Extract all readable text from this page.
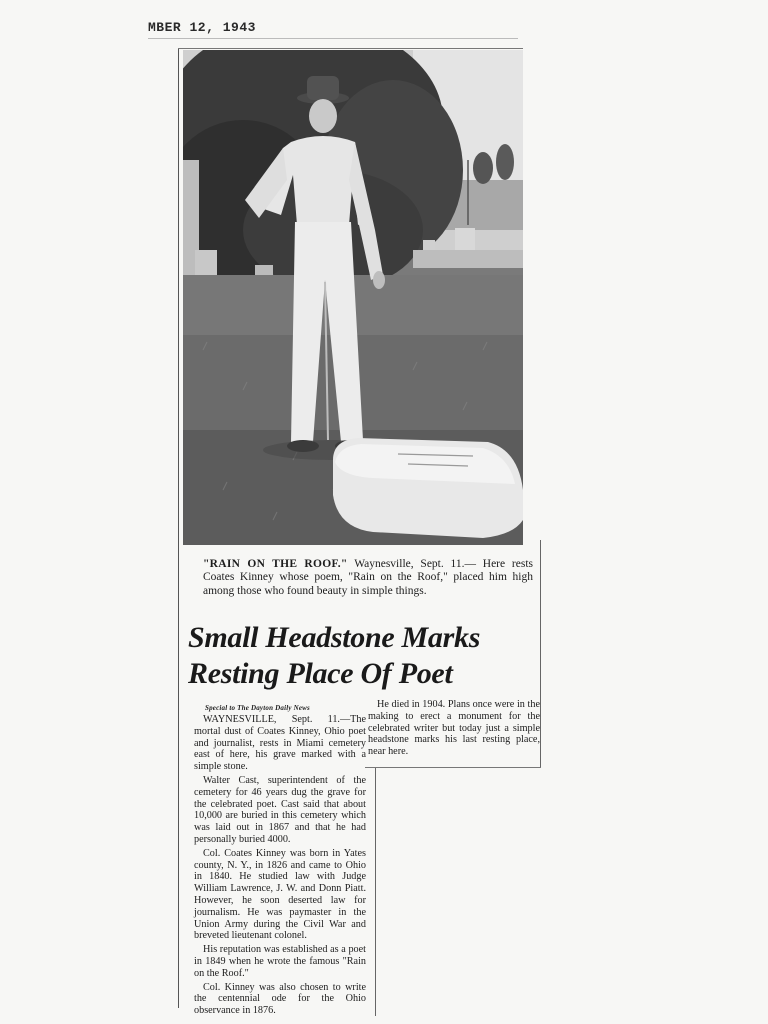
MBER 12, 1943
"RAIN ON THE ROOF." Waynesville, Sept. 11.— Here rests Coates Kinney whose poem, "Rain on the Roof," placed him high among those who found beauty in simple things.
Small Headstone Marks
Resting Place Of Poet
Special to The Dayton Daily News

WAYNESVILLE, Sept. 11.—The mortal dust of Coates Kinney, Ohio poet and journalist, rests in Miami cemetery east of here, his grave marked with a simple stone.

Walter Cast, superintendent of the cemetery for 46 years dug the grave for the celebrated poet. Cast said that about 10,000 are buried in this cemetery which was laid out in 1867 and that he had personally buried 4000.

Col. Coates Kinney was born in Yates county, N. Y., in 1826 and came to Ohio in 1840. He studied law with Judge William Lawrence, J. W. and Donn Piatt. However, he soon deserted law for journalism. He was paymaster in the Union Army during the Civil War and breveted lieutenant colonel.

His reputation was established as a poet in 1849 when he wrote the famous "Rain on the Roof."

Col. Kinney was also chosen to write the centennial ode for the Ohio observance in 1876.

He died in 1904. Plans once were in the making to erect a monument for the celebrated writer but today just a simple headstone marks his last resting place, near here.
